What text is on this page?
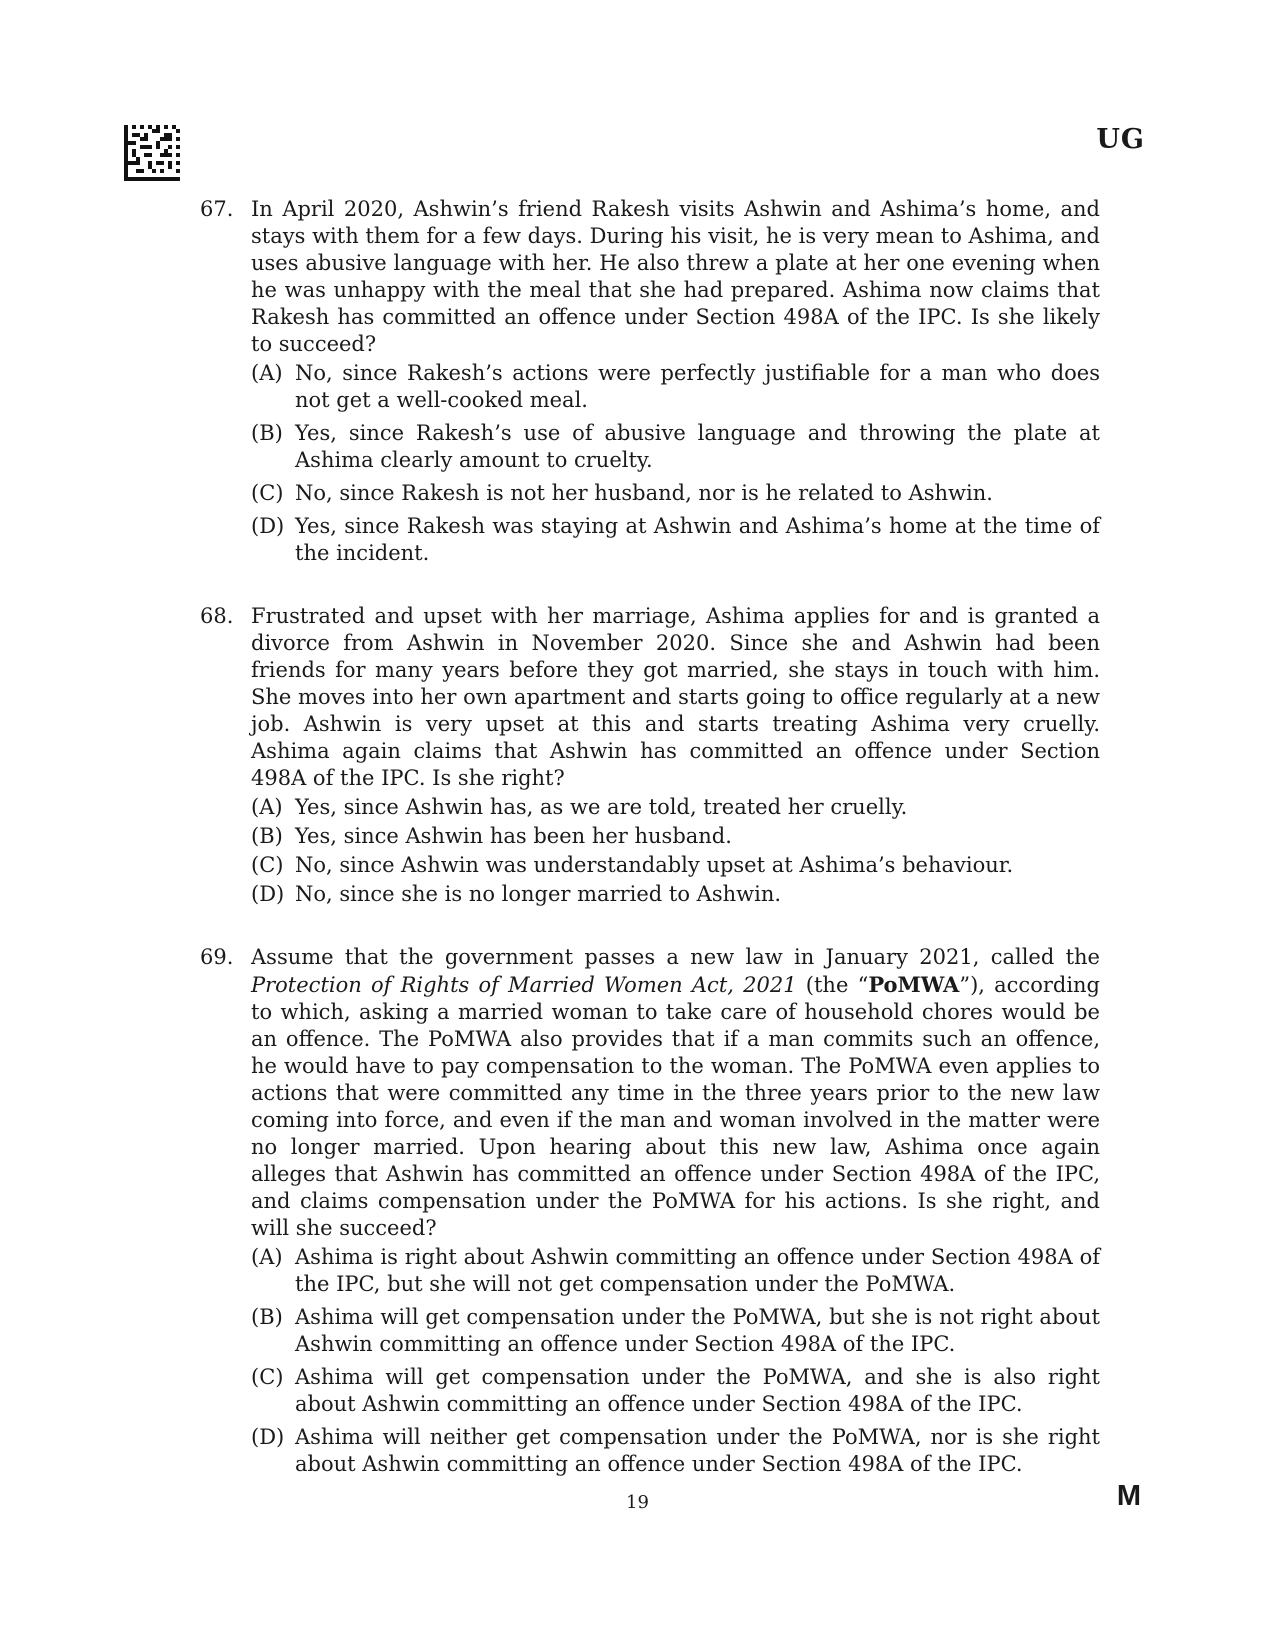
UG
67. In April 2020, Ashwin’s friend Rakesh visits Ashwin and Ashima’s home, and stays with them for a few days. During his visit, he is very mean to Ashima, and uses abusive language with her. He also threw a plate at her one evening when he was unhappy with the meal that she had prepared. Ashima now claims that Rakesh has committed an offence under Section 498A of the IPC. Is she likely to succeed?
(A) No, since Rakesh’s actions were perfectly justifiable for a man who does not get a well-cooked meal.
(B) Yes, since Rakesh’s use of abusive language and throwing the plate at Ashima clearly amount to cruelty.
(C) No, since Rakesh is not her husband, nor is he related to Ashwin.
(D) Yes, since Rakesh was staying at Ashwin and Ashima’s home at the time of the incident.
68. Frustrated and upset with her marriage, Ashima applies for and is granted a divorce from Ashwin in November 2020. Since she and Ashwin had been friends for many years before they got married, she stays in touch with him. She moves into her own apartment and starts going to office regularly at a new job. Ashwin is very upset at this and starts treating Ashima very cruelly. Ashima again claims that Ashwin has committed an offence under Section 498A of the IPC. Is she right?
(A) Yes, since Ashwin has, as we are told, treated her cruelly.
(B) Yes, since Ashwin has been her husband.
(C) No, since Ashwin was understandably upset at Ashima’s behaviour.
(D) No, since she is no longer married to Ashwin.
69. Assume that the government passes a new law in January 2021, called the Protection of Rights of Married Women Act, 2021 (the “PoMWA”), according to which, asking a married woman to take care of household chores would be an offence. The PoMWA also provides that if a man commits such an offence, he would have to pay compensation to the woman. The PoMWA even applies to actions that were committed any time in the three years prior to the new law coming into force, and even if the man and woman involved in the matter were no longer married. Upon hearing about this new law, Ashima once again alleges that Ashwin has committed an offence under Section 498A of the IPC, and claims compensation under the PoMWA for his actions. Is she right, and will she succeed?
(A) Ashima is right about Ashwin committing an offence under Section 498A of the IPC, but she will not get compensation under the PoMWA.
(B) Ashima will get compensation under the PoMWA, but she is not right about Ashwin committing an offence under Section 498A of the IPC.
(C) Ashima will get compensation under the PoMWA, and she is also right about Ashwin committing an offence under Section 498A of the IPC.
(D) Ashima will neither get compensation under the PoMWA, nor is she right about Ashwin committing an offence under Section 498A of the IPC.
19	M
